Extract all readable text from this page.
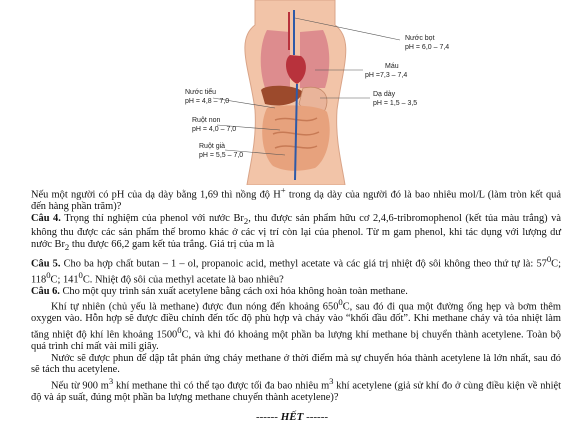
Nước bọt
pH = 6,0 – 7,4
Máu
pH =7,3 – 7,4
Dạ dày
pH = 1,5 – 3,5
Nước tiểu
pH = 4,8 – 7,0
Ruột non
pH = 4,0 – 7,0
Ruột già
pH = 5,5 – 7,0

Nếu một người có pH của dạ dày bằng 1,69 thì nồng độ H+ trong dạ dày của người đó là bao nhiêu mol/L (làm tròn kết quả đến hàng phần trăm)?

Câu 4. Trọng thí nghiệm của phenol với nước $Br_2$, thu được sản phẩm hữu cơ 2,4,6-tribromophenol (kết tủa màu trắng) và không thu được các sản phẩm thế bromo khác ở các vị trí còn lại của phenol. Từ m gam phenol, khi tác dụng với lượng dư nước $Br_2$ thu được 66,2 gam kết tủa trắng. Giá trị của m là

Câu 5. Cho ba hợp chất butan – 1 – ol, propanoic acid, methyl acetate và các giá trị nhiệt độ sôi không theo thứ tự là: $57^0C$; $118^0C$; $141^0C$. Nhiệt độ sôi của methyl acetate là bao nhiêu?

Câu 6. Cho một quy trình sản xuất acetylene bằng cách oxi hóa không hoàn toàn methane.

Khí tự nhiên (chủ yếu là methane) được đun nóng đến khoảng $650^0C$, sau đó đi qua một đường ống hẹp và bơm thêm oxygen vào. Hỗn hợp sẽ được điều chỉnh đến tốc độ phù hợp và chảy vào “khối đầu đốt”. Khi methane cháy và tỏa nhiệt làm tăng nhiệt độ khí lên khoảng 1500$^0$C, và khi đó khoảng một phần ba lượng khí methane bị chuyển thành acetylene. Toàn bộ quá trình chỉ mất vài mili giây.

Nước sẽ được phun để dập tắt phản ứng cháy methane ở thời điểm mà sự chuyển hóa thành acetylene là lớn nhất, sau đó sẽ tách thu acetylene.

Nếu từ 900 $m^3$ khí methane thì có thể tạo được tối đa bao nhiêu $m^3$ khí acetylene (giả sử khí đo ở cùng điều kiện về nhiệt độ và áp suất, đúng một phần ba lượng methane chuyển thành acetylene)?

------ HẾT ------
